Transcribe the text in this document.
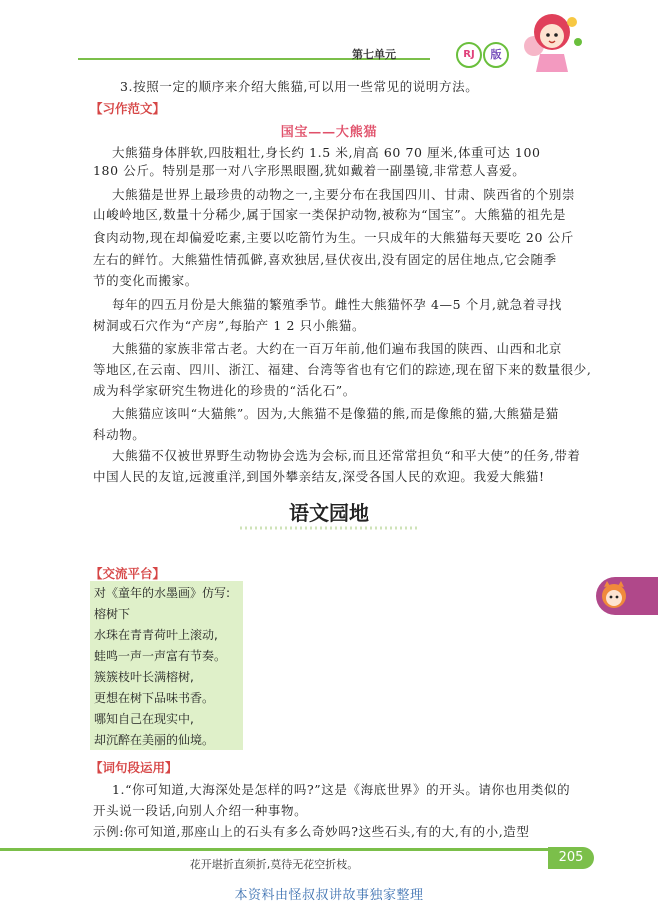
第七单元	RJ	版
3.按照一定的顺序来介绍大熊猫,可以用一些常见的说明方法。
【习作范文】
国宝——大熊猫
大熊猫身体胖软,四肢粗壮,身长约 1.5 米,肩高 60 70 厘米,体重可达 100
180 公斤。特别是那一对八字形黑眼圈,犹如戴着一副墨镜,非常惹人喜爱。
大熊猫是世界上最珍贵的动物之一,主要分布在我国四川、甘肃、陕西省的个别崇
山峻岭地区,数量十分稀少,属于国家一类保护动物,被称为“国宝”。大熊猫的祖先是
食肉动物,现在却偏爱吃素,主要以吃箭竹为生。一只成年的大熊猫每天要吃 20 公斤
左右的鲜竹。大熊猫性情孤僻,喜欢独居,昼伏夜出,没有固定的居住地点,它会随季
节的变化而搬家。
每年的四五月份是大熊猫的繁殖季节。雌性大熊猫怀孕 4—5 个月,就急着寻找
树洞或石穴作为“产房”,每胎产 1 2 只小熊猫。
大熊猫的家族非常古老。大约在一百万年前,他们遍布我国的陕西、山西和北京
等地区,在云南、四川、浙江、福建、台湾等省也有它们的踪迹,现在留下来的数量很少,
成为科学家研究生物进化的珍贵的“活化石”。
大熊猫应该叫“大猫熊”。因为,大熊猫不是像猫的熊,而是像熊的猫,大熊猫是猫
科动物。
大熊猫不仅被世界野生动物协会选为会标,而且还常常担负“和平大使”的任务,带着
中国人民的友谊,远渡重洋,到国外攀亲结友,深受各国人民的欢迎。我爱大熊猫!
语文园地
【交流平台】
对《童年的水墨画》仿写:
榕树下
水珠在青青荷叶上滚动,
蛙鸣一声一声富有节奏。
簇簇枝叶长满榕树,
更想在树下品味书香。
哪知自己在现实中,
却沉醉在美丽的仙境。
【词句段运用】
1.“你可知道,大海深处是怎样的吗?”这是《海底世界》的开头。请你也用类似的
开头说一段话,向别人介绍一种事物。
示例:你可知道,那座山上的石头有多么奇妙吗?这些石头,有的大,有的小,造型
花开堪折直须折,莫待无花空折枝。	205
本资料由怪叔叔讲故事独家整理
